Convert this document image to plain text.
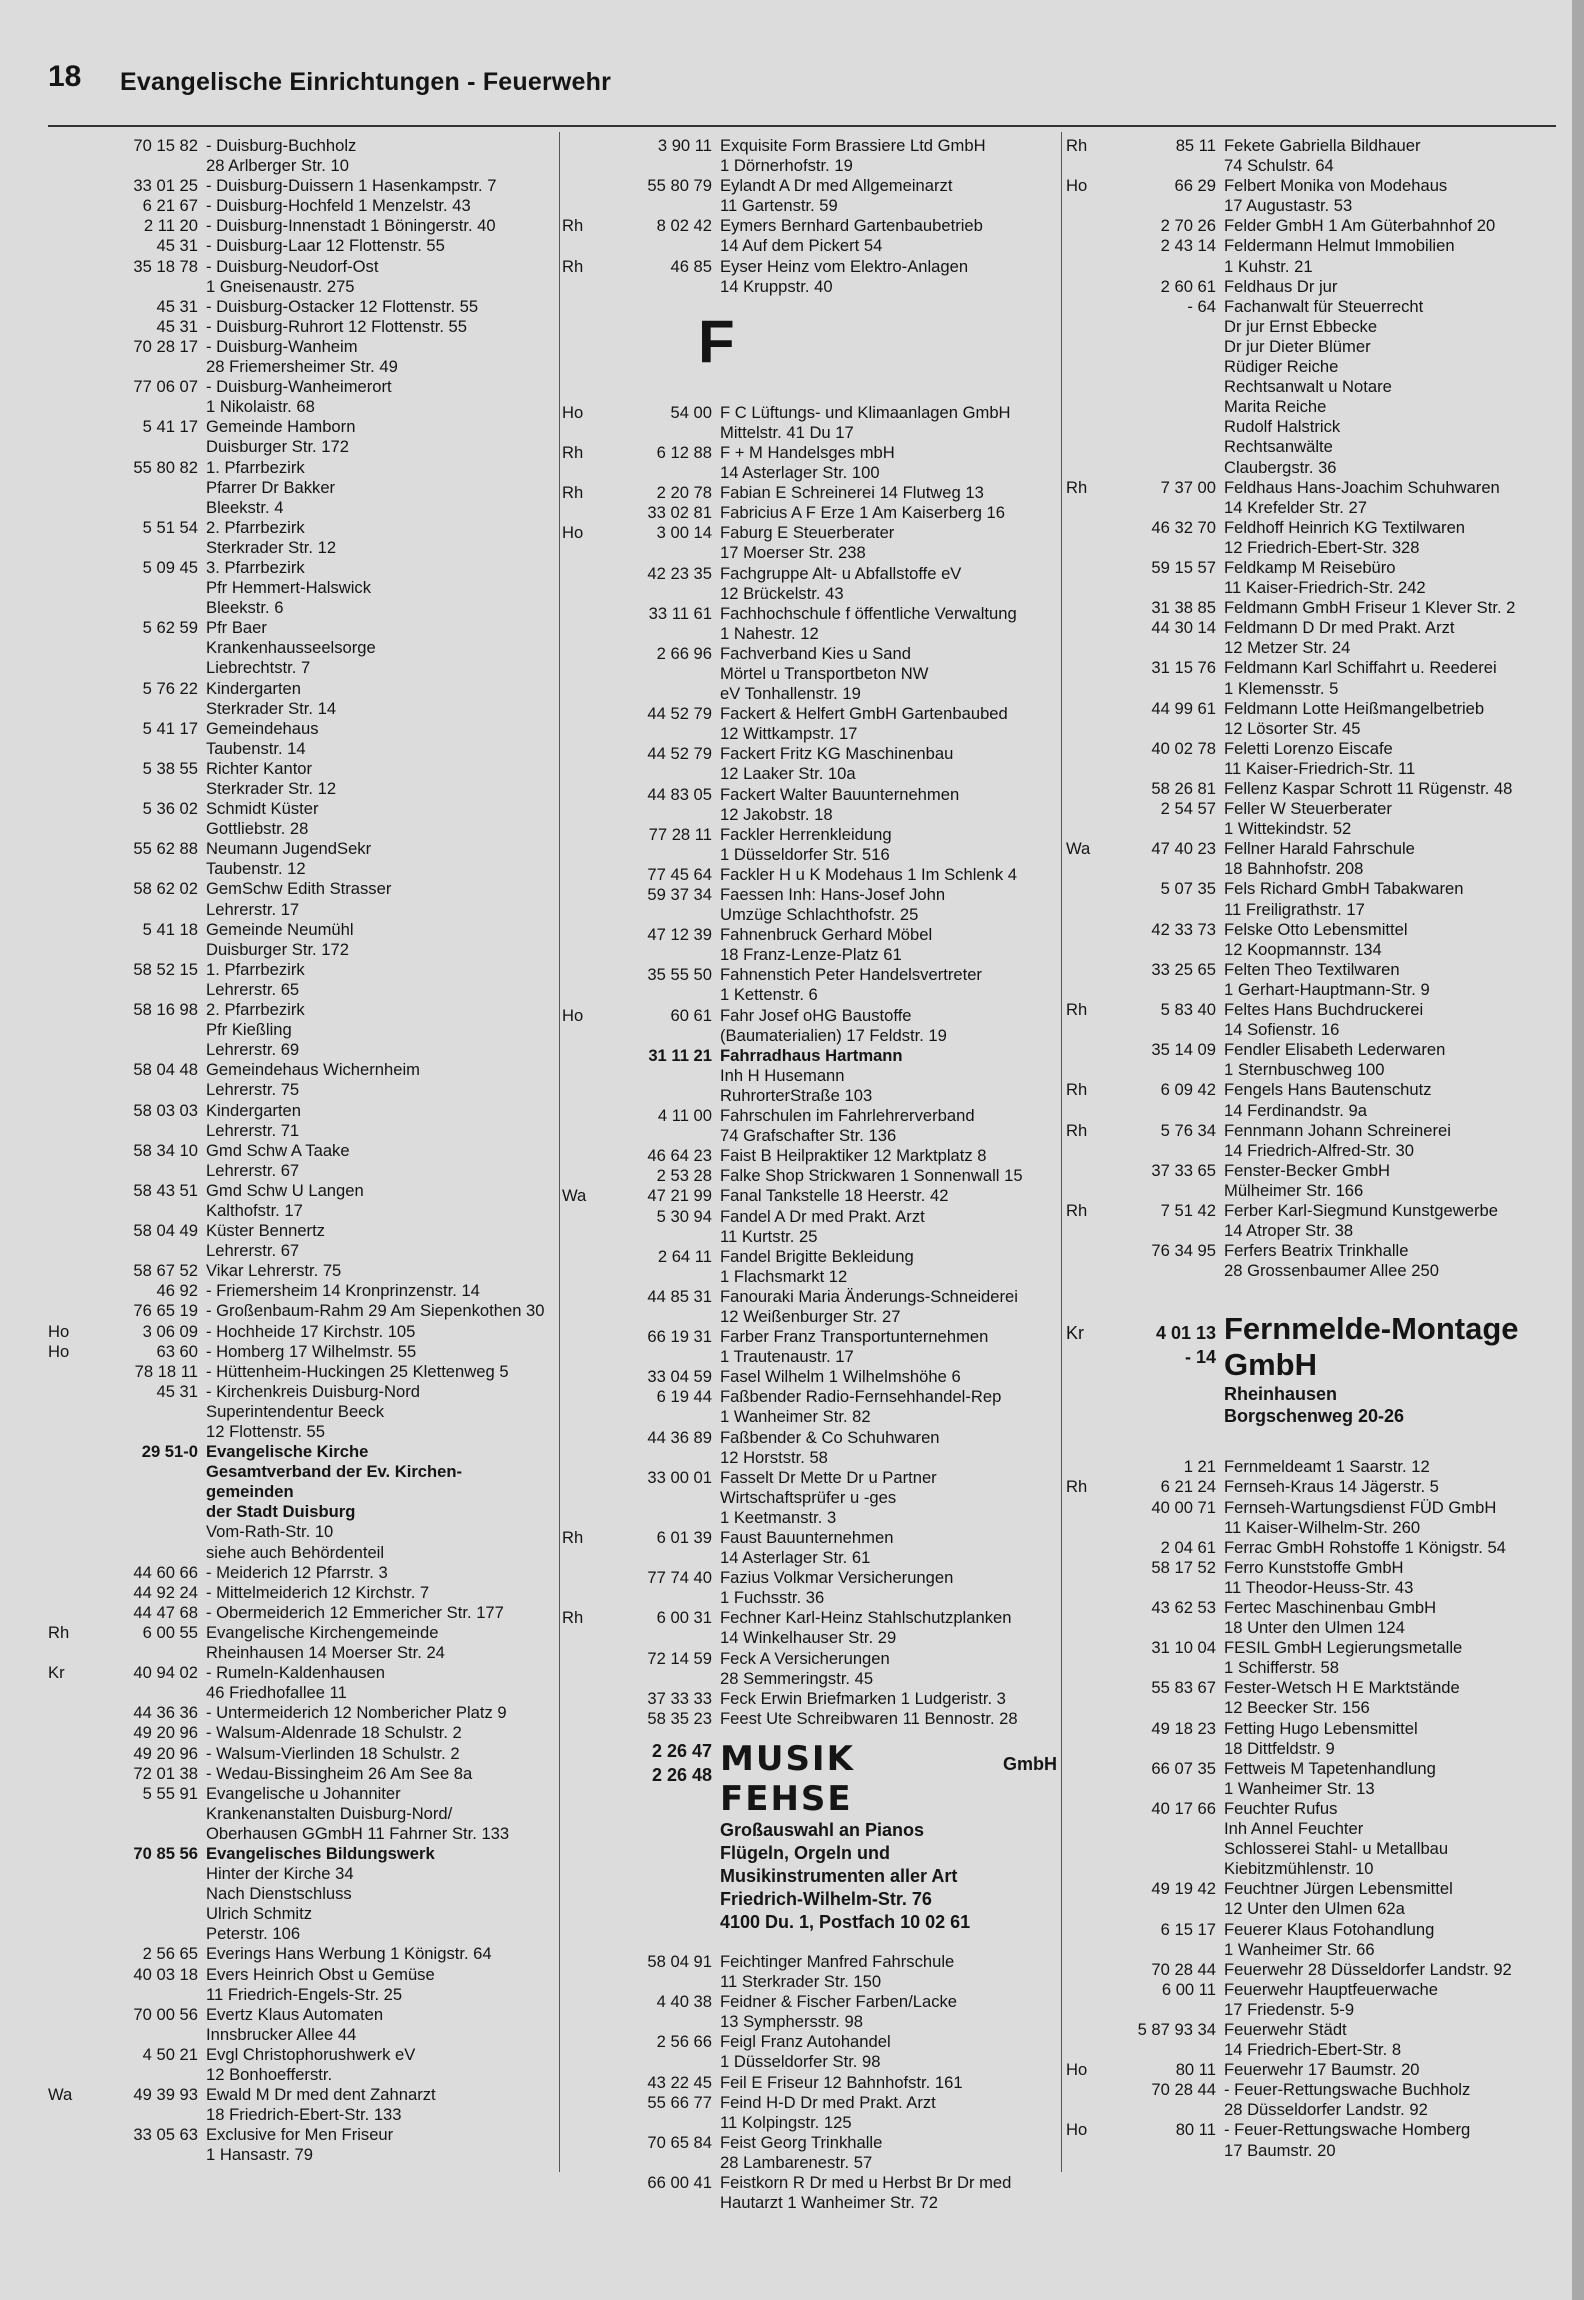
18 Evangelische Einrichtungen - Feuerwehr
70 15 82 - Duisburg-Buchholz
28 Arlberger Str. 10
33 01 25 - Duisburg-Duissern 1 Hasenkampstr. 7
6 21 67 - Duisburg-Hochfeld 1 Menzelstr. 43
2 11 20 - Duisburg-Innenstadt 1 Böningerstr. 40
45 31 - Duisburg-Laar 12 Flottenstr. 55
35 18 78 - Duisburg-Neudorf-Ost
1 Gneisenaustr. 275
45 31 - Duisburg-Ostacker 12 Flottenstr. 55
45 31 - Duisburg-Ruhrort 12 Flottenstr. 55
70 28 17 - Duisburg-Wanheim
28 Friemersheimer Str. 49
77 06 07 - Duisburg-Wanheimerort
1 Nikolaistr. 68
5 41 17 Gemeinde Hamborn
Duisburger Str. 172
55 80 82 1. Pfarrbezirk
Pfarrer Dr Bakker
Bleekstr. 4
5 51 54 2. Pfarrbezirk
Sterkrader Str. 12
5 09 45 3. Pfarrbezirk
Pfr Hemmert-Halswick
Bleekstr. 6
5 62 59 Pfr Baer
Krankenhausseelsorge
Liebrechtstr. 7
5 76 22 Kindergarten
Sterkrader Str. 14
5 41 17 Gemeindehaus
Taubenstr. 14
5 38 55 Richter Kantor
Sterkrader Str. 12
5 36 02 Schmidt Küster
Gottliebstr. 28
55 62 88 Neumann JugendSekr
Taubenstr. 12
58 62 02 GemSchw Edith Strasser
Lehrerstr. 17
5 41 18 Gemeinde Neumühl
Duisburger Str. 172
58 52 15 1. Pfarrbezirk
Lehrerstr. 65
58 16 98 2. Pfarrbezirk
Pfr Kießling
Lehrerstr. 69
58 04 48 Gemeindehaus Wichernheim
Lehrerstr. 75
58 03 03 Kindergarten
Lehrerstr. 71
58 34 10 Gmd Schw A Taake
Lehrerstr. 67
58 43 51 Gmd Schw U Langen
Kalthofstr. 17
58 04 49 Küster Bennertz
Lehrerstr. 67
58 67 52 Vikar Lehrerstr. 75
46 92 - Friemersheim 14 Kronprinzenstr. 14
76 65 19 - Großenbaum-Rahm 29 Am Siepenkothen 30
Ho	3 06 09 - Hochheide 17 Kirchstr. 105
Ho	63 60 - Homberg 17 Wilhelmstr. 55
78 18 11 - Hüttenheim-Huckingen 25 Klettenweg 5
45 31 - Kirchenkreis Duisburg-Nord
Superintendentur Beeck
12 Flottenstr. 55
29 51-0 Evangelische Kirche
Gesamtverband der Ev. Kirchen-
gemeinden
der Stadt Duisburg
Vom-Rath-Str. 10
siehe auch Behördenteil
44 60 66 - Meiderich 12 Pfarrstr. 3
44 92 24 - Mittelmeiderich 12 Kirchstr. 7
44 47 68 - Obermeiderich 12 Emmericher Str. 177
Rh	6 00 55 Evangelische Kirchengemeinde
Rheinhausen 14 Moerser Str. 24
Kr	40 94 02 - Rumeln-Kaldenhausen
46 Friedhofallee 11
44 36 36 - Untermeiderich 12 Nombericher Platz 9
49 20 96 - Walsum-Aldenrade 18 Schulstr. 2
49 20 96 - Walsum-Vierlinden 18 Schulstr. 2
72 01 38 - Wedau-Bissingheim 26 Am See 8a
5 55 91 Evangelische u Johanniter
Krankenanstalten Duisburg-Nord/
Oberhausen GGmbH 11 Fahrner Str. 133
70 85 56 Evangelisches Bildungswerk
Hinter der Kirche 34
Nach Dienstschluss
Ulrich Schmitz
Peterstr. 106
2 56 65 Everings Hans Werbung 1 Königstr. 64
40 03 18 Evers Heinrich Obst u Gemüse
11 Friedrich-Engels-Str. 25
70 00 56 Evertz Klaus Automaten
Innsbrucker Allee 44
4 50 21 Evgl Christophorushwerk eV
12 Bonhoefferstr.
Wa	49 39 93 Ewald M Dr med dent Zahnarzt
18 Friedrich-Ebert-Str. 133
33 05 63 Exclusive for Men Friseur
1 Hansastr. 79
3 90 11 Exquisite Form Brassiere Ltd GmbH
1 Dörnerhofstr. 19
55 80 79 Eylandt A Dr med Allgemeinarzt
11 Gartenstr. 59
Rh	8 02 42 Eymers Bernhard Gartenbaubetrieb
14 Auf dem Pickert 54
Rh	46 85 Eyser Heinz vom Elektro-Anlagen
14 Kruppstr. 40
F
Ho	54 00 F C Lüftungs- und Klimaanlagen GmbH
Mittelstr. 41 Du 17
Rh	6 12 88 F + M Handelsges mbH
14 Asterlager Str. 100
Rh	2 20 78 Fabian E Schreinerei 14 Flutweg 13
33 02 81 Fabricius A F Erze 1 Am Kaiserberg 16
Ho	3 00 14 Faburg E Steuerberater
17 Moerser Str. 238
42 23 35 Fachgruppe Alt- u Abfallstoffe eV
12 Brückelstr. 43
33 11 61 Fachhochschule f öffentliche Verwaltung
1 Nahestr. 12
2 66 96 Fachverband Kies u Sand
Mörtel u Transportbeton NW
eV Tonhallenstr. 19
44 52 79 Fackert & Helfert GmbH Gartenbaubed
12 Wittkampstr. 17
44 52 79 Fackert Fritz KG Maschinenbau
12 Laaker Str. 10a
44 83 05 Fackert Walter Bauunternehmen
12 Jakobstr. 18
77 28 11 Fackler Herrenkleidung
1 Düsseldorfer Str. 516
77 45 64 Fackler H u K Modehaus 1 Im Schlenk 4
59 37 34 Faessen Inh: Hans-Josef John
Umzüge Schlachthofstr. 25
47 12 39 Fahnenbruck Gerhard Möbel
18 Franz-Lenze-Platz 61
35 55 50 Fahnenstich Peter Handelsvertreter
1 Kettenstr. 6
Ho	60 61 Fahr Josef oHG Baustoffe
(Baumaterialien) 17 Feldstr. 19
31 11 21 Fahrradhaus Hartmann
Inh H Husemann
RuhrorterStraße 103
4 11 00 Fahrschulen im Fahrlehrerverband
74 Grafschafter Str. 136
46 64 23 Faist B Heilpraktiker 12 Marktplatz 8
2 53 28 Falke Shop Strickwaren 1 Sonnenwall 15
Wa	47 21 99 Fanal Tankstelle 18 Heerstr. 42
5 30 94 Fandel A Dr med Prakt. Arzt
11 Kurtstr. 25
2 64 11 Fandel Brigitte Bekleidung
1 Flachsmarkt 12
44 85 31 Fanouraki Maria Änderungs-Schneiderei
12 Weißenburger Str. 27
66 19 31 Farber Franz Transportunternehmen
1 Trautenaustr. 17
33 04 59 Fasel Wilhelm 1 Wilhelmshöhe 6
6 19 44 Faßbender Radio-Fernsehhandel-Rep
1 Wanheimer Str. 82
44 36 89 Faßbender & Co Schuhwaren
12 Horststr. 58
33 00 01 Fasselt Dr Mette Dr u Partner
Wirtschaftsprüfer u -ges
1 Keetmanstr. 3
Rh	6 01 39 Faust Bauunternehmen
14 Asterlager Str. 61
77 74 40 Fazius Volkmar Versicherungen
1 Fuchsstr. 36
Rh	6 00 31 Fechner Karl-Heinz Stahlschutzplanken
14 Winkelhauser Str. 29
72 14 59 Feck A Versicherungen
28 Semmeringstr. 45
37 33 33 Feck Erwin Briefmarken 1 Ludgeristr. 3
58 35 23 Feest Ute Schreibwaren 11 Bennostr. 28
2 26 47
2 26 48 MUSIK FEHSE
GmbH
Großauswahl an Pianos
Flügeln, Orgeln und
Musikinstrumenten aller Art
Friedrich-Wilhelm-Str. 76
4100 Du. 1, Postfach 10 02 61
58 04 91 Feichtinger Manfred Fahrschule
11 Sterkrader Str. 150
4 40 38 Feidner & Fischer Farben/Lacke
13 Symphersstr. 98
2 56 66 Feigl Franz Autohandel
1 Düsseldorfer Str. 98
43 22 45 Feil E Friseur 12 Bahnhofstr. 161
55 66 77 Feind H-D Dr med Prakt. Arzt
11 Kolpingstr. 125
70 65 84 Feist Georg Trinkhalle
28 Lambarenestr. 57
66 00 41 Feistkorn R Dr med u Herbst Br Dr med
Hautarzt 1 Wanheimer Str. 72
Rh	85 11 Fekete Gabriella Bildhauer
74 Schulstr. 64
Ho	66 29 Felbert Monika von Modehaus
17 Augustastr. 53
2 70 26 Felder GmbH 1 Am Güterbahnhof 20
2 43 14 Feldermann Helmut Immobilien
1 Kuhstr. 21
2 60 61 Feldhaus Dr jur
- 64 Fachanwalt für Steuerrecht
Dr jur Ernst Ebbecke
Dr jur Dieter Blümer
Rüdiger Reiche
Rechtsanwalt u Notare
Marita Reiche
Rudolf Halstrick
Rechtsanwälte
Claubergstr. 36
Rh	7 37 00 Feldhaus Hans-Joachim Schuhwaren
14 Krefelder Str. 27
46 32 70 Feldhoff Heinrich KG Textilwaren
12 Friedrich-Ebert-Str. 328
59 15 57 Feldkamp M Reisebüro
11 Kaiser-Friedrich-Str. 242
31 38 85 Feldmann GmbH Friseur 1 Klever Str. 2
44 30 14 Feldmann D Dr med Prakt. Arzt
12 Metzer Str. 24
31 15 76 Feldmann Karl Schiffahrt u. Reederei
1 Klemensstr. 5
44 99 61 Feldmann Lotte Heißmangelbetrieb
12 Lösorter Str. 45
40 02 78 Feletti Lorenzo Eiscafe
11 Kaiser-Friedrich-Str. 11
58 26 81 Fellenz Kaspar Schrott 11 Rügenstr. 48
2 54 57 Feller W Steuerberater
1 Wittekindstr. 52
Wa	47 40 23 Fellner Harald Fahrschule
18 Bahnhofstr. 208
5 07 35 Fels Richard GmbH Tabakwaren
11 Freiligrathstr. 17
42 33 73 Felske Otto Lebensmittel
12 Koopmannstr. 134
33 25 65 Felten Theo Textilwaren
1 Gerhart-Hauptmann-Str. 9
Rh	5 83 40 Feltes Hans Buchdruckerei
14 Sofienstr. 16
35 14 09 Fendler Elisabeth Lederwaren
1 Sternbuschweg 100
Rh	6 09 42 Fengels Hans Bautenschutz
14 Ferdinandstr. 9a
Rh	5 76 34 Fennmann Johann Schreinerei
14 Friedrich-Alfred-Str. 30
37 33 65 Fenster-Becker GmbH
Mülheimer Str. 166
Rh	7 51 42 Ferber Karl-Siegmund Kunstgewerbe
14 Atroper Str. 38
76 34 95 Ferfers Beatrix Trinkhalle
28 Grossenbaumer Allee 250
Kr	4 01 13
- 14
Fernmelde-Montage
GmbH
Rheinhausen
Borgschenweg 20-26
1 21 Fernmeldeamt 1 Saarstr. 12
Rh	6 21 24 Fernseh-Kraus 14 Jägerstr. 5
40 00 71 Fernseh-Wartungsdienst FÜD GmbH
11 Kaiser-Wilhelm-Str. 260
2 04 61 Ferrac GmbH Rohstoffe 1 Königstr. 54
58 17 52 Ferro Kunststoffe GmbH
11 Theodor-Heuss-Str. 43
43 62 53 Fertec Maschinenbau GmbH
18 Unter den Ulmen 124
31 10 04 FESIL GmbH Legierungsmetalle
1 Schifferstr. 58
55 83 67 Fester-Wetsch H E Marktstände
12 Beecker Str. 156
49 18 23 Fetting Hugo Lebensmittel
18 Dittfeldstr. 9
66 07 35 Fettweis M Tapetenhandlung
1 Wanheimer Str. 13
40 17 66 Feuchter Rufus
Inh Annel Feuchter
Schlosserei Stahl- u Metallbau
Kiebitzmühlenstr. 10
49 19 42 Feuchtner Jürgen Lebensmittel
12 Unter den Ulmen 62a
6 15 17 Feuerer Klaus Fotohandlung
1 Wanheimer Str. 66
70 28 44 Feuerwehr 28 Düsseldorfer Landstr. 92
6 00 11 Feuerwehr Hauptfeuerwache
17 Friedenstr. 5-9
5 87 93 34 Feuerwehr Städt
14 Friedrich-Ebert-Str. 8
Ho	80 11 Feuerwehr 17 Baumstr. 20
70 28 44 - Feuer-Rettungswache Buchholz
28 Düsseldorfer Landstr. 92
Ho	80 11 - Feuer-Rettungswache Homberg
17 Baumstr. 20
